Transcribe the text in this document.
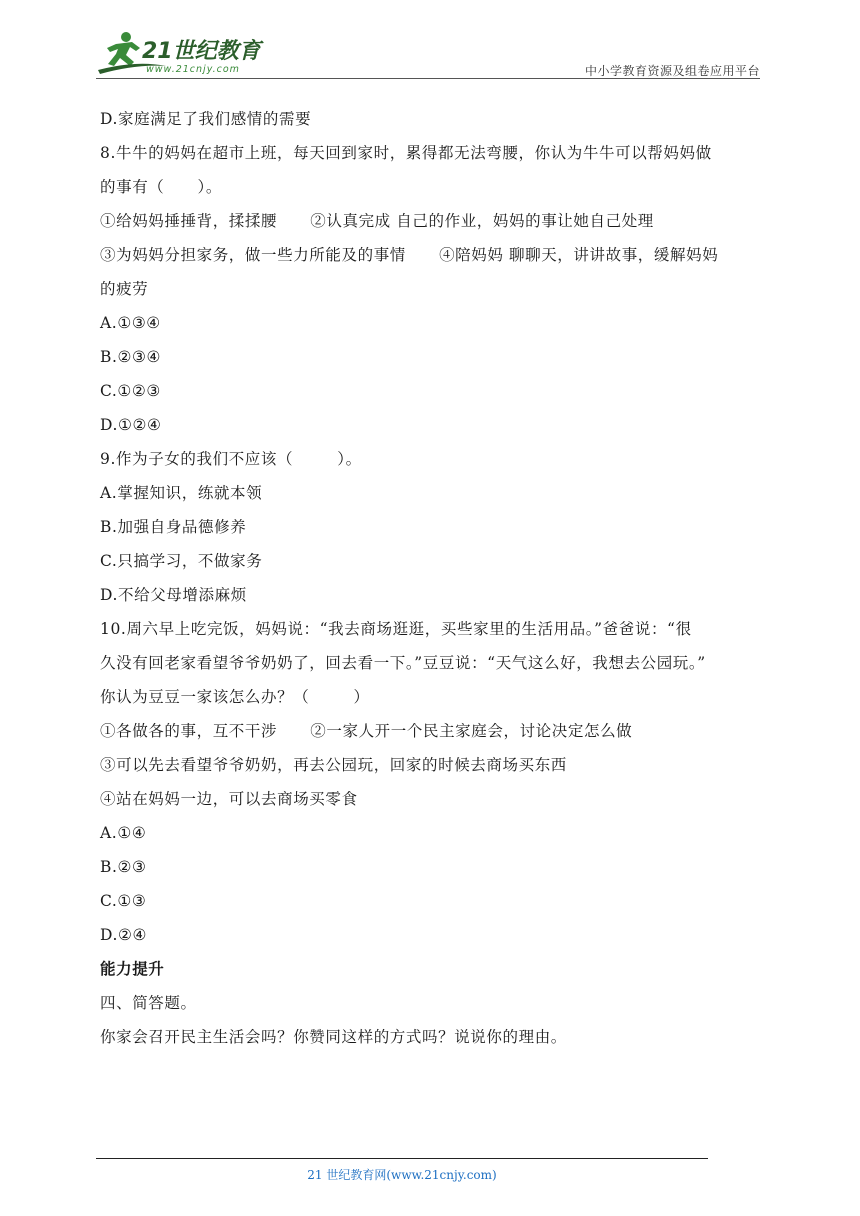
21世纪教育
www.21cnjy.com	中小学教育资源及组卷应用平台
D.家庭满足了我们感情的需要
8.牛牛的妈妈在超市上班，每天回到家时，累得都无法弯腰，你认为牛牛可以帮妈妈做
的事有（      ）。
①给妈妈捶捶背，揉揉腰      ②认真完成 自己的作业，妈妈的事让她自己处理
③为妈妈分担家务，做一些力所能及的事情      ④陪妈妈 聊聊天，讲讲故事，缓解妈妈
的疲劳
A.①③④
B.②③④
C.①②③
D.①②④
9.作为子女的我们不应该（        ）。
A.掌握知识，练就本领
B.加强自身品德修养
C.只搞学习，不做家务
D.不给父母增添麻烦
10.周六早上吃完饭，妈妈说：“我去商场逛逛，买些家里的生活用品。”爸爸说：“很
久没有回老家看望爷爷奶奶了，回去看一下。”豆豆说：“天气这么好，我想去公园玩。”
你认为豆豆一家该怎么办？（        ）
①各做各的事，互不干涉      ②一家人开一个民主家庭会，讨论决定怎么做
③可以先去看望爷爷奶奶，再去公园玩，回家的时候去商场买东西
④站在妈妈一边，可以去商场买零食
A.①④
B.②③
C.①③
D.②④
能力提升
四、简答题。
你家会召开民主生活会吗？你赞同这样的方式吗？说说你的理由。
21 世纪教育网(www.21cnjy.com)
